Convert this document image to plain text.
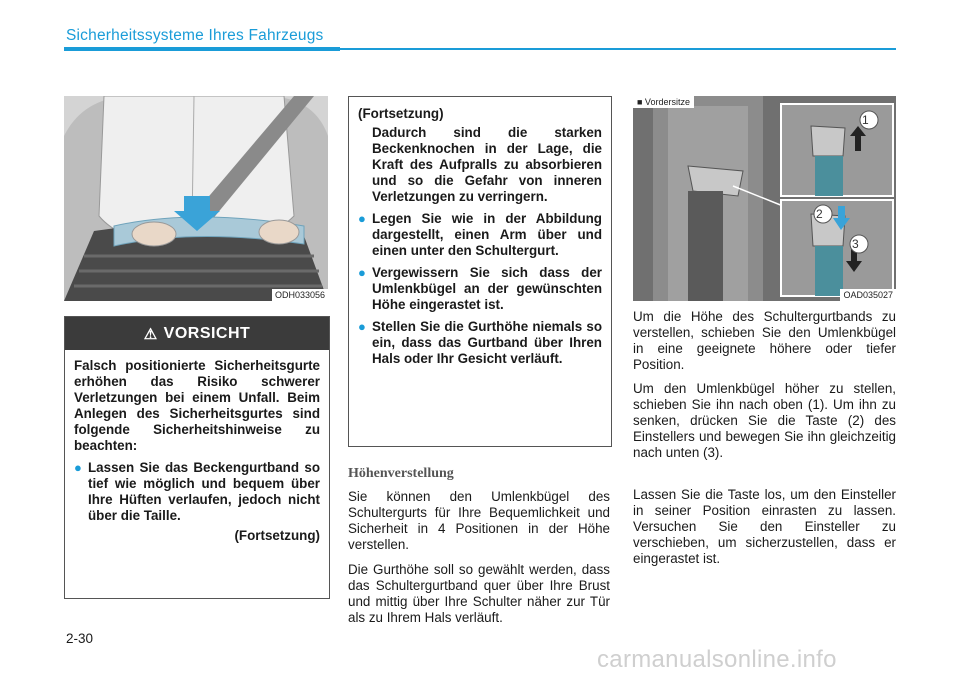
Sicherheitssysteme Ihres Fahrzeugs
ODH033056
1
2
3
■ Vordersitze
OAD035027
⚠ VORSICHT
Falsch positionierte Sicherheitsgurte erhöhen das Risiko schwerer Verletzungen bei einem Unfall. Beim Anlegen des Sicherheitsgurtes sind folgende Sicherheitshinweise zu beachten:
● Lassen Sie das Beckengurtband so tief wie möglich und bequem über Ihre Hüften verlaufen, jedoch nicht über die Taille.
(Fortsetzung)
(Fortsetzung)
Dadurch sind die starken Beckenknochen in der Lage, die Kraft des Aufpralls zu absorbieren und so die Gefahr von inneren Verletzungen zu verringern.
● Legen Sie wie in der Abbildung dargestellt, einen Arm über und einen unter den Schultergurt.
● Vergewissern Sie sich dass der Umlenkbügel an der gewünschten Höhe eingerastet ist.
● Stellen Sie die Gurthöhe niemals so ein, dass das Gurtband über Ihren Hals oder Ihr Gesicht verläuft.
Höhenverstellung
Sie können den Umlenkbügel des Schultergurts für Ihre Bequemlichkeit und Sicherheit in 4 Positionen in der Höhe verstellen.
Die Gurthöhe soll so gewählt werden, dass das Schultergurtband quer über Ihre Brust und mittig über Ihre Schulter näher zur Tür als zu Ihrem Hals verläuft.
Um die Höhe des Schultergurtbands zu verstellen, schieben Sie den Umlenkbügel in eine geeignete höhere oder tiefer Position.
Um den Umlenkbügel höher zu stellen, schieben Sie ihn nach oben (1). Um ihn zu senken, drücken Sie die Taste (2) des Einstellers und bewegen Sie ihn gleichzeitig nach unten (3).
Lassen Sie die Taste los, um den Einsteller in seiner Position einrasten zu lassen. Versuchen Sie den Einsteller zu verschieben, um sicherzustellen, dass er eingerastet ist.
2-30
carmanualsonline.info
